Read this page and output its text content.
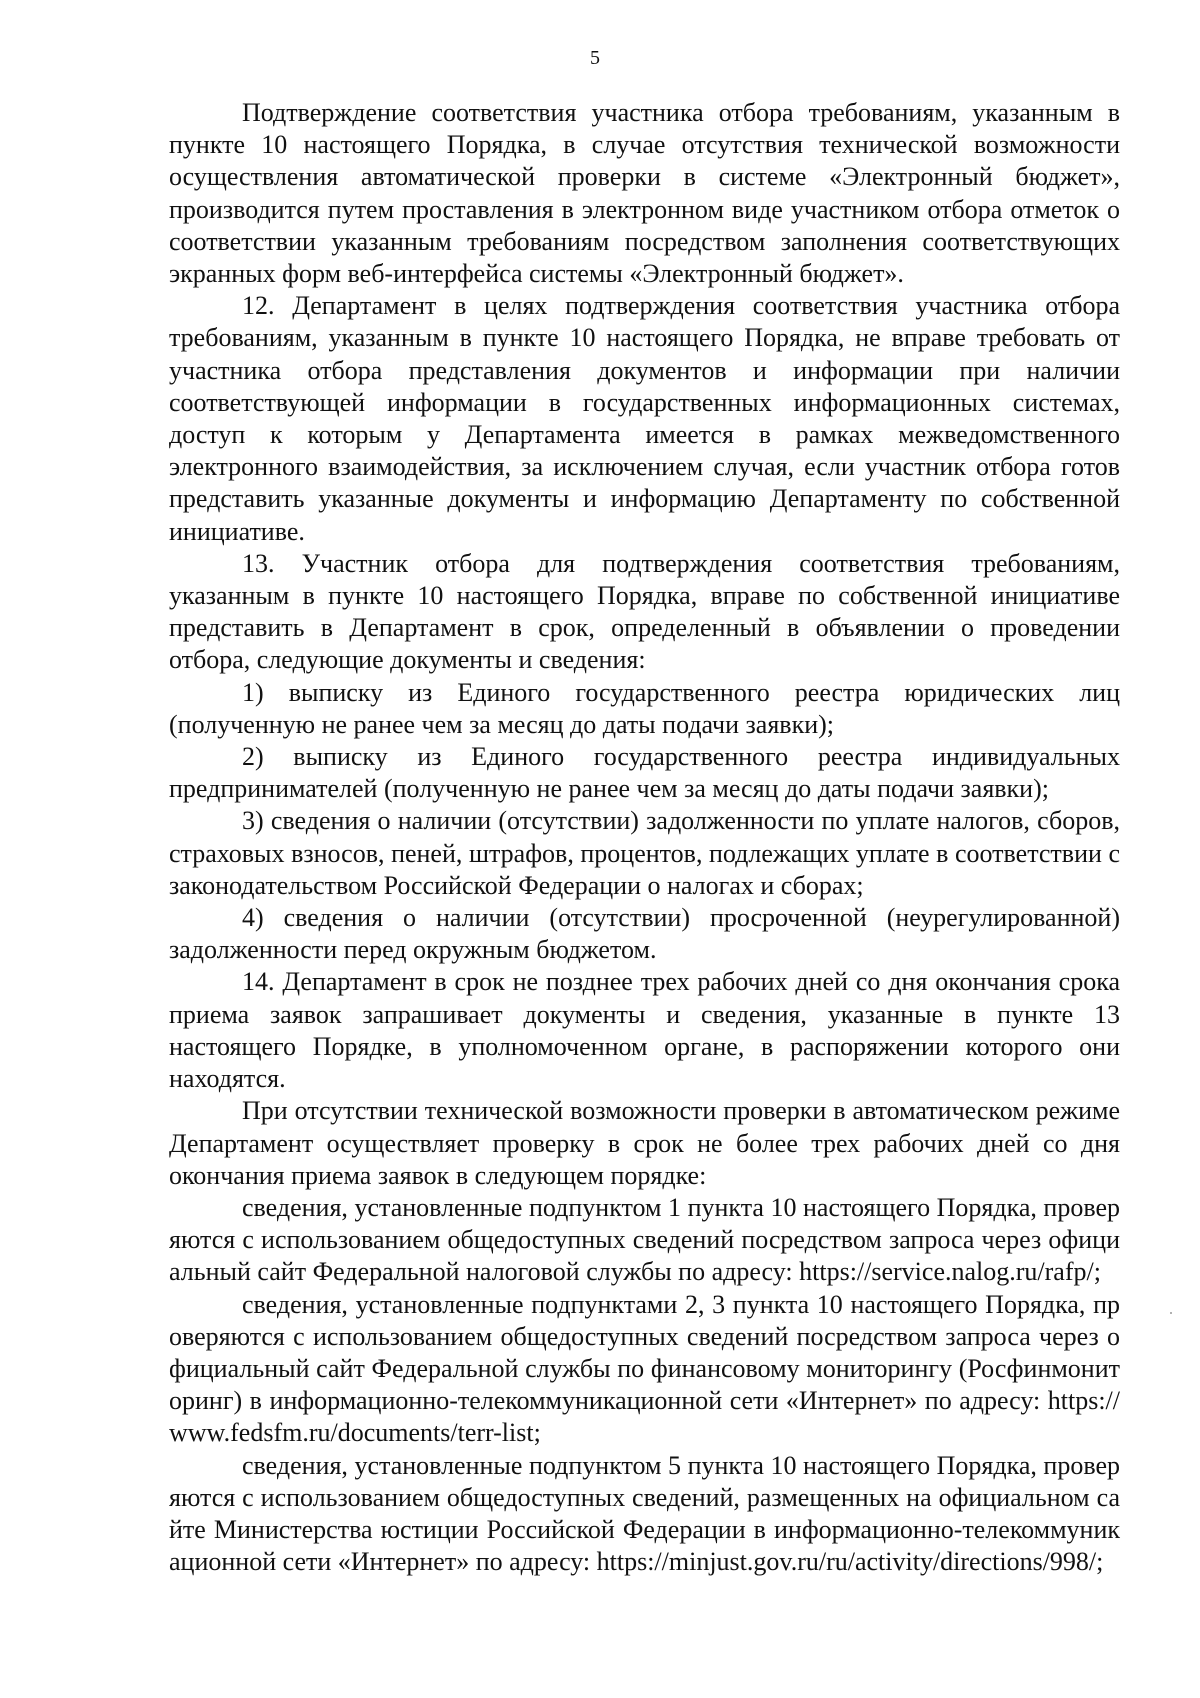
5

Подтверждение соответствия участника отбора требованиям, указанным в пункте 10 настоящего Порядка, в случае отсутствия технической возможности осуществления автоматической проверки в системе «Электронный бюджет», производится путем проставления в электронном виде участником отбора отметок о соответствии указанным требованиям посредством заполнения соответствующих экранных форм веб-интерфейса системы «Электронный бюджет».

12. Департамент в целях подтверждения соответствия участника отбора требованиям, указанным в пункте 10 настоящего Порядка, не вправе требовать от участника отбора представления документов и информации при наличии соответствующей информации в государственных информационных системах, доступ к которым у Департамента имеется в рамках межведомственного электронного взаимодействия, за исключением случая, если участник отбора готов представить указанные документы и информацию Департаменту по собственной инициативе.

13. Участник отбора для подтверждения соответствия требованиям, указанным в пункте 10 настоящего Порядка, вправе по собственной инициативе представить в Департамент в срок, определенный в объявлении о проведении отбора, следующие документы и сведения:

1) выписку из Единого государственного реестра юридических лиц (полученную не ранее чем за месяц до даты подачи заявки);

2) выписку из Единого государственного реестра индивидуальных предпринимателей (полученную не ранее чем за месяц до даты подачи заявки);

3) сведения о наличии (отсутствии) задолженности по уплате налогов, сборов, страховых взносов, пеней, штрафов, процентов, подлежащих уплате в соответствии с законодательством Российской Федерации о налогах и сборах;

4) сведения о наличии (отсутствии) просроченной (неурегулированной) задолженности перед окружным бюджетом.

14. Департамент в срок не позднее трех рабочих дней со дня окончания срока приема заявок запрашивает документы и сведения, указанные в пункте 13 настоящего Порядке, в уполномоченном органе, в распоряжении которого они находятся.

При отсутствии технической возможности проверки в автоматическом режиме Департамент осуществляет проверку в срок не более трех рабочих дней со дня окончания приема заявок в следующем порядке:

сведения, установленные подпунктом 1 пункта 10 настоящего Порядка, проверяются с использованием общедоступных сведений посредством запроса через официальный сайт Федеральной налоговой службы по адресу: https://service.nalog.ru/rafp/;

сведения, установленные подпунктами 2, 3 пункта 10 настоящего Порядка, проверяются с использованием общедоступных сведений посредством запроса через официальный сайт Федеральной службы по финансовому мониторингу (Росфинмониторинг) в информационно-телекоммуникационной сети «Интернет» по адресу: https://www.fedsfm.ru/documents/terr-list;

сведения, установленные подпунктом 5 пункта 10 настоящего Порядка, проверяются с использованием общедоступных сведений, размещенных на официальном сайте Министерства юстиции Российской Федерации в информационно-телекоммуникационной сети «Интернет» по адресу: https://minjust.gov.ru/ru/activity/directions/998/;
